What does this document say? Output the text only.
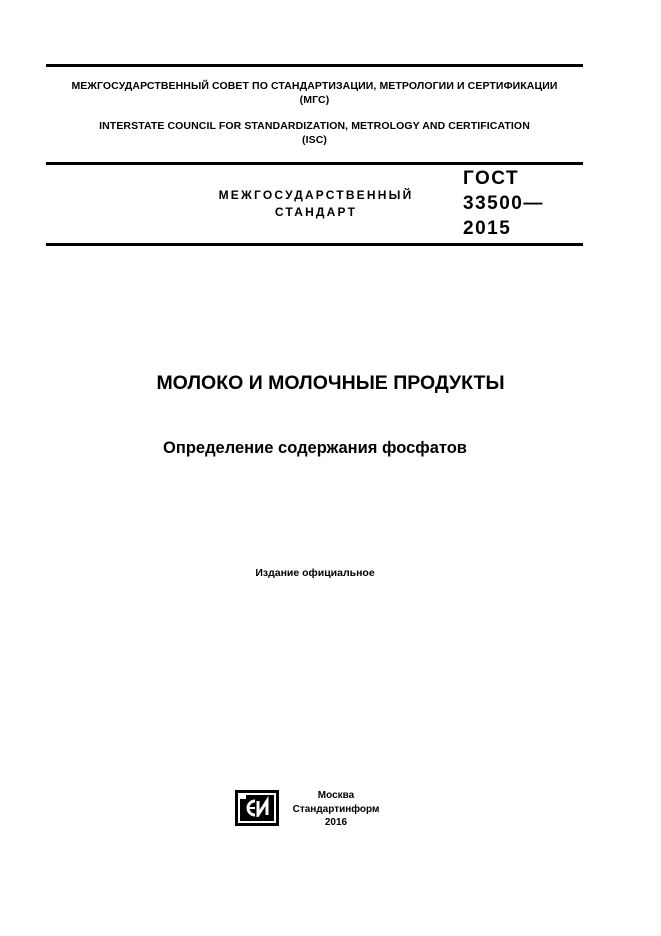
МЕЖГОСУДАРСТВЕННЫЙ СОВЕТ ПО СТАНДАРТИЗАЦИИ, МЕТРОЛОГИИ И СЕРТИФИКАЦИИ
(МГС)
INTERSTATE COUNCIL FOR STANDARDIZATION, METROLOGY AND CERTIFICATION
(ISC)
МЕЖГОСУДАРСТВЕННЫЙ
СТАНДАРТ
ГОСТ
33500—
2015
МОЛОКО И МОЛОЧНЫЕ ПРОДУКТЫ
Определение содержания фосфатов
Издание официальное
Москва
Стандартинформ
2016
